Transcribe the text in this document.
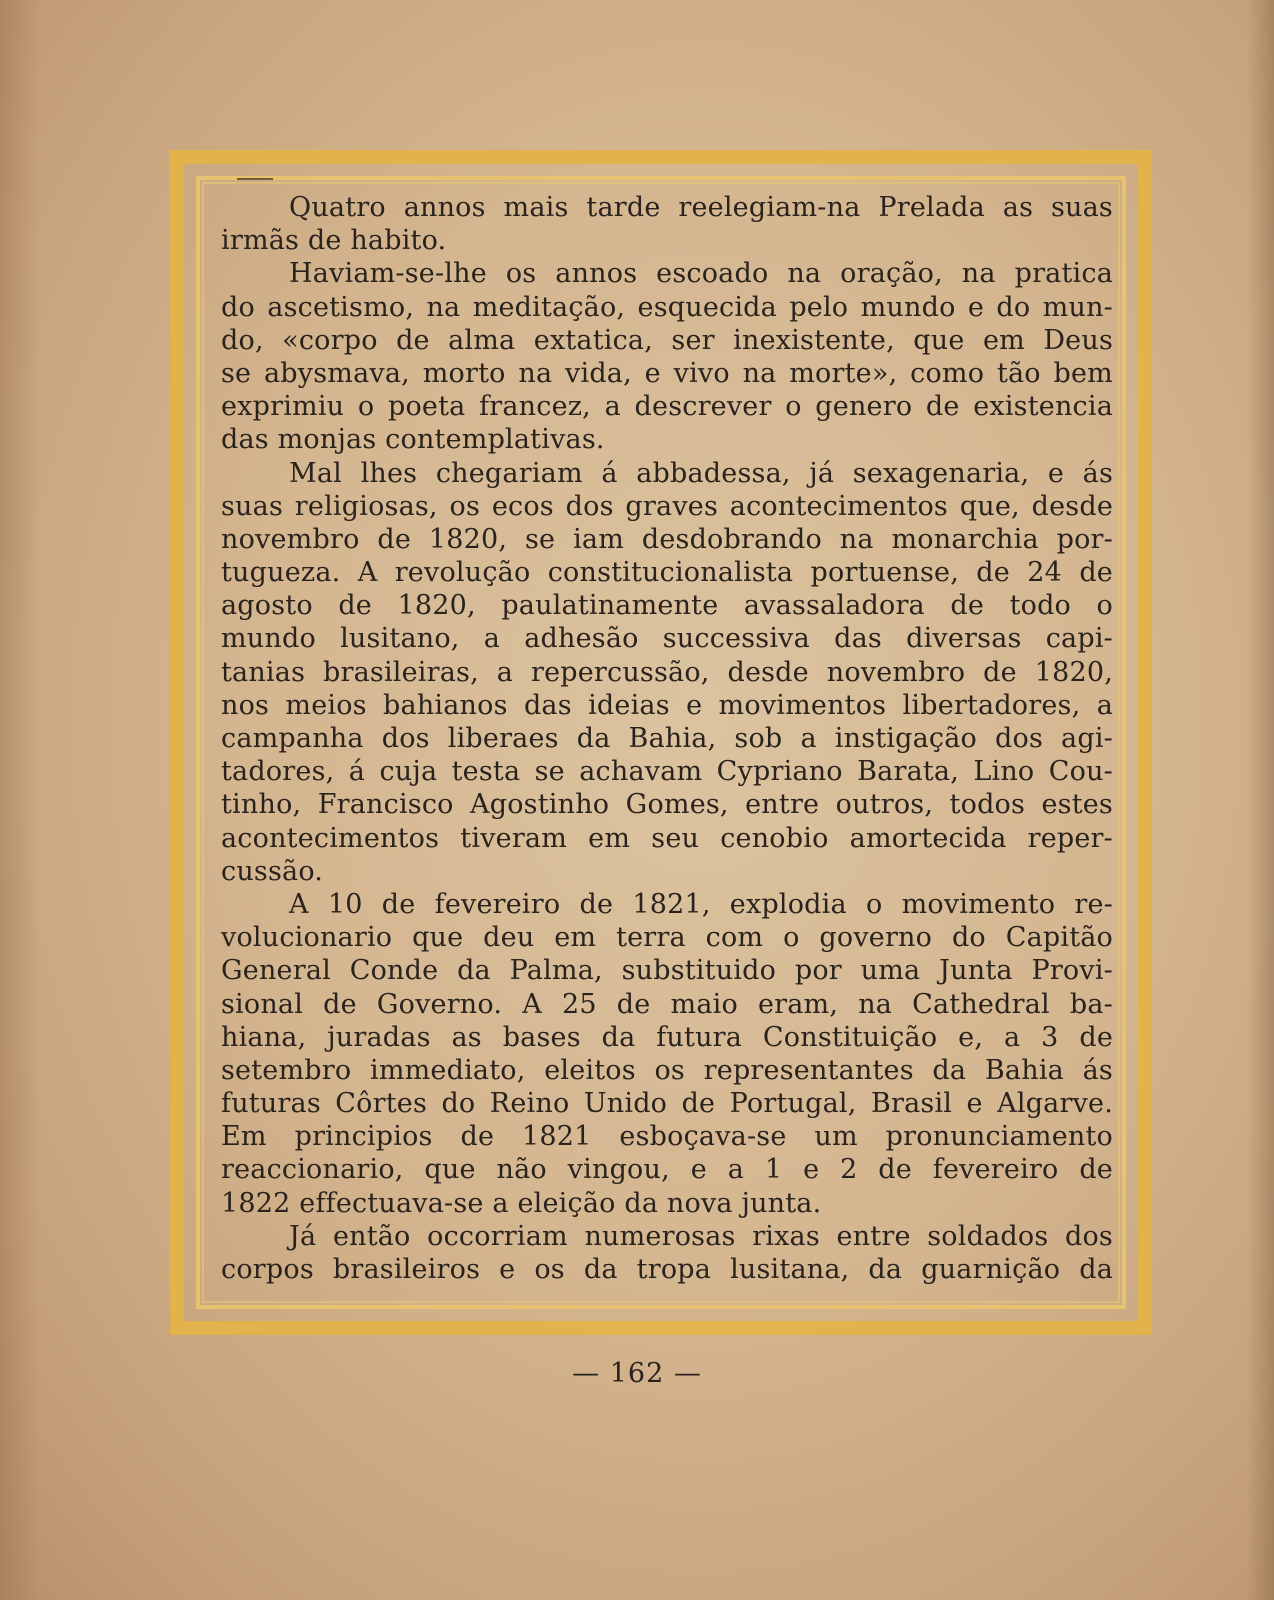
Quatro annos mais tarde reelegiam-na Prelada as suas
irmãs de habito.
Haviam-se-lhe os annos escoado na oração, na pratica
do ascetismo, na meditação, esquecida pelo mundo e do mun-
do, «corpo de alma extatica, ser inexistente, que em Deus
se abysmava, morto na vida, e vivo na morte», como tão bem
exprimiu o poeta francez, a descrever o genero de existencia
das monjas contemplativas.
Mal lhes chegariam á abbadessa, já sexagenaria, e ás
suas religiosas, os ecos dos graves acontecimentos que, desde
novembro de 1820, se iam desdobrando na monarchia por-
tugueza. A revolução constitucionalista portuense, de 24 de
agosto de 1820, paulatinamente avassaladora de todo o
mundo lusitano, a adhesão successiva das diversas capi-
tanias brasileiras, a repercussão, desde novembro de 1820,
nos meios bahianos das ideias e movimentos libertadores, a
campanha dos liberaes da Bahia, sob a instigação dos agi-
tadores, á cuja testa se achavam Cypriano Barata, Lino Cou-
tinho, Francisco Agostinho Gomes, entre outros, todos estes
acontecimentos tiveram em seu cenobio amortecida reper-
cussão.
A 10 de fevereiro de 1821, explodia o movimento re-
volucionario que deu em terra com o governo do Capitão
General Conde da Palma, substituido por uma Junta Provi-
sional de Governo. A 25 de maio eram, na Cathedral ba-
hiana, juradas as bases da futura Constituição e, a 3 de
setembro immediato, eleitos os representantes da Bahia ás
futuras Côrtes do Reino Unido de Portugal, Brasil e Algarve.
Em principios de 1821 esboçava-se um pronunciamento
reaccionario, que não vingou, e a 1 e 2 de fevereiro de
1822 effectuava-se a eleição da nova junta.
Já então occorriam numerosas rixas entre soldados dos
corpos brasileiros e os da tropa lusitana, da guarnição da
— 162 —
